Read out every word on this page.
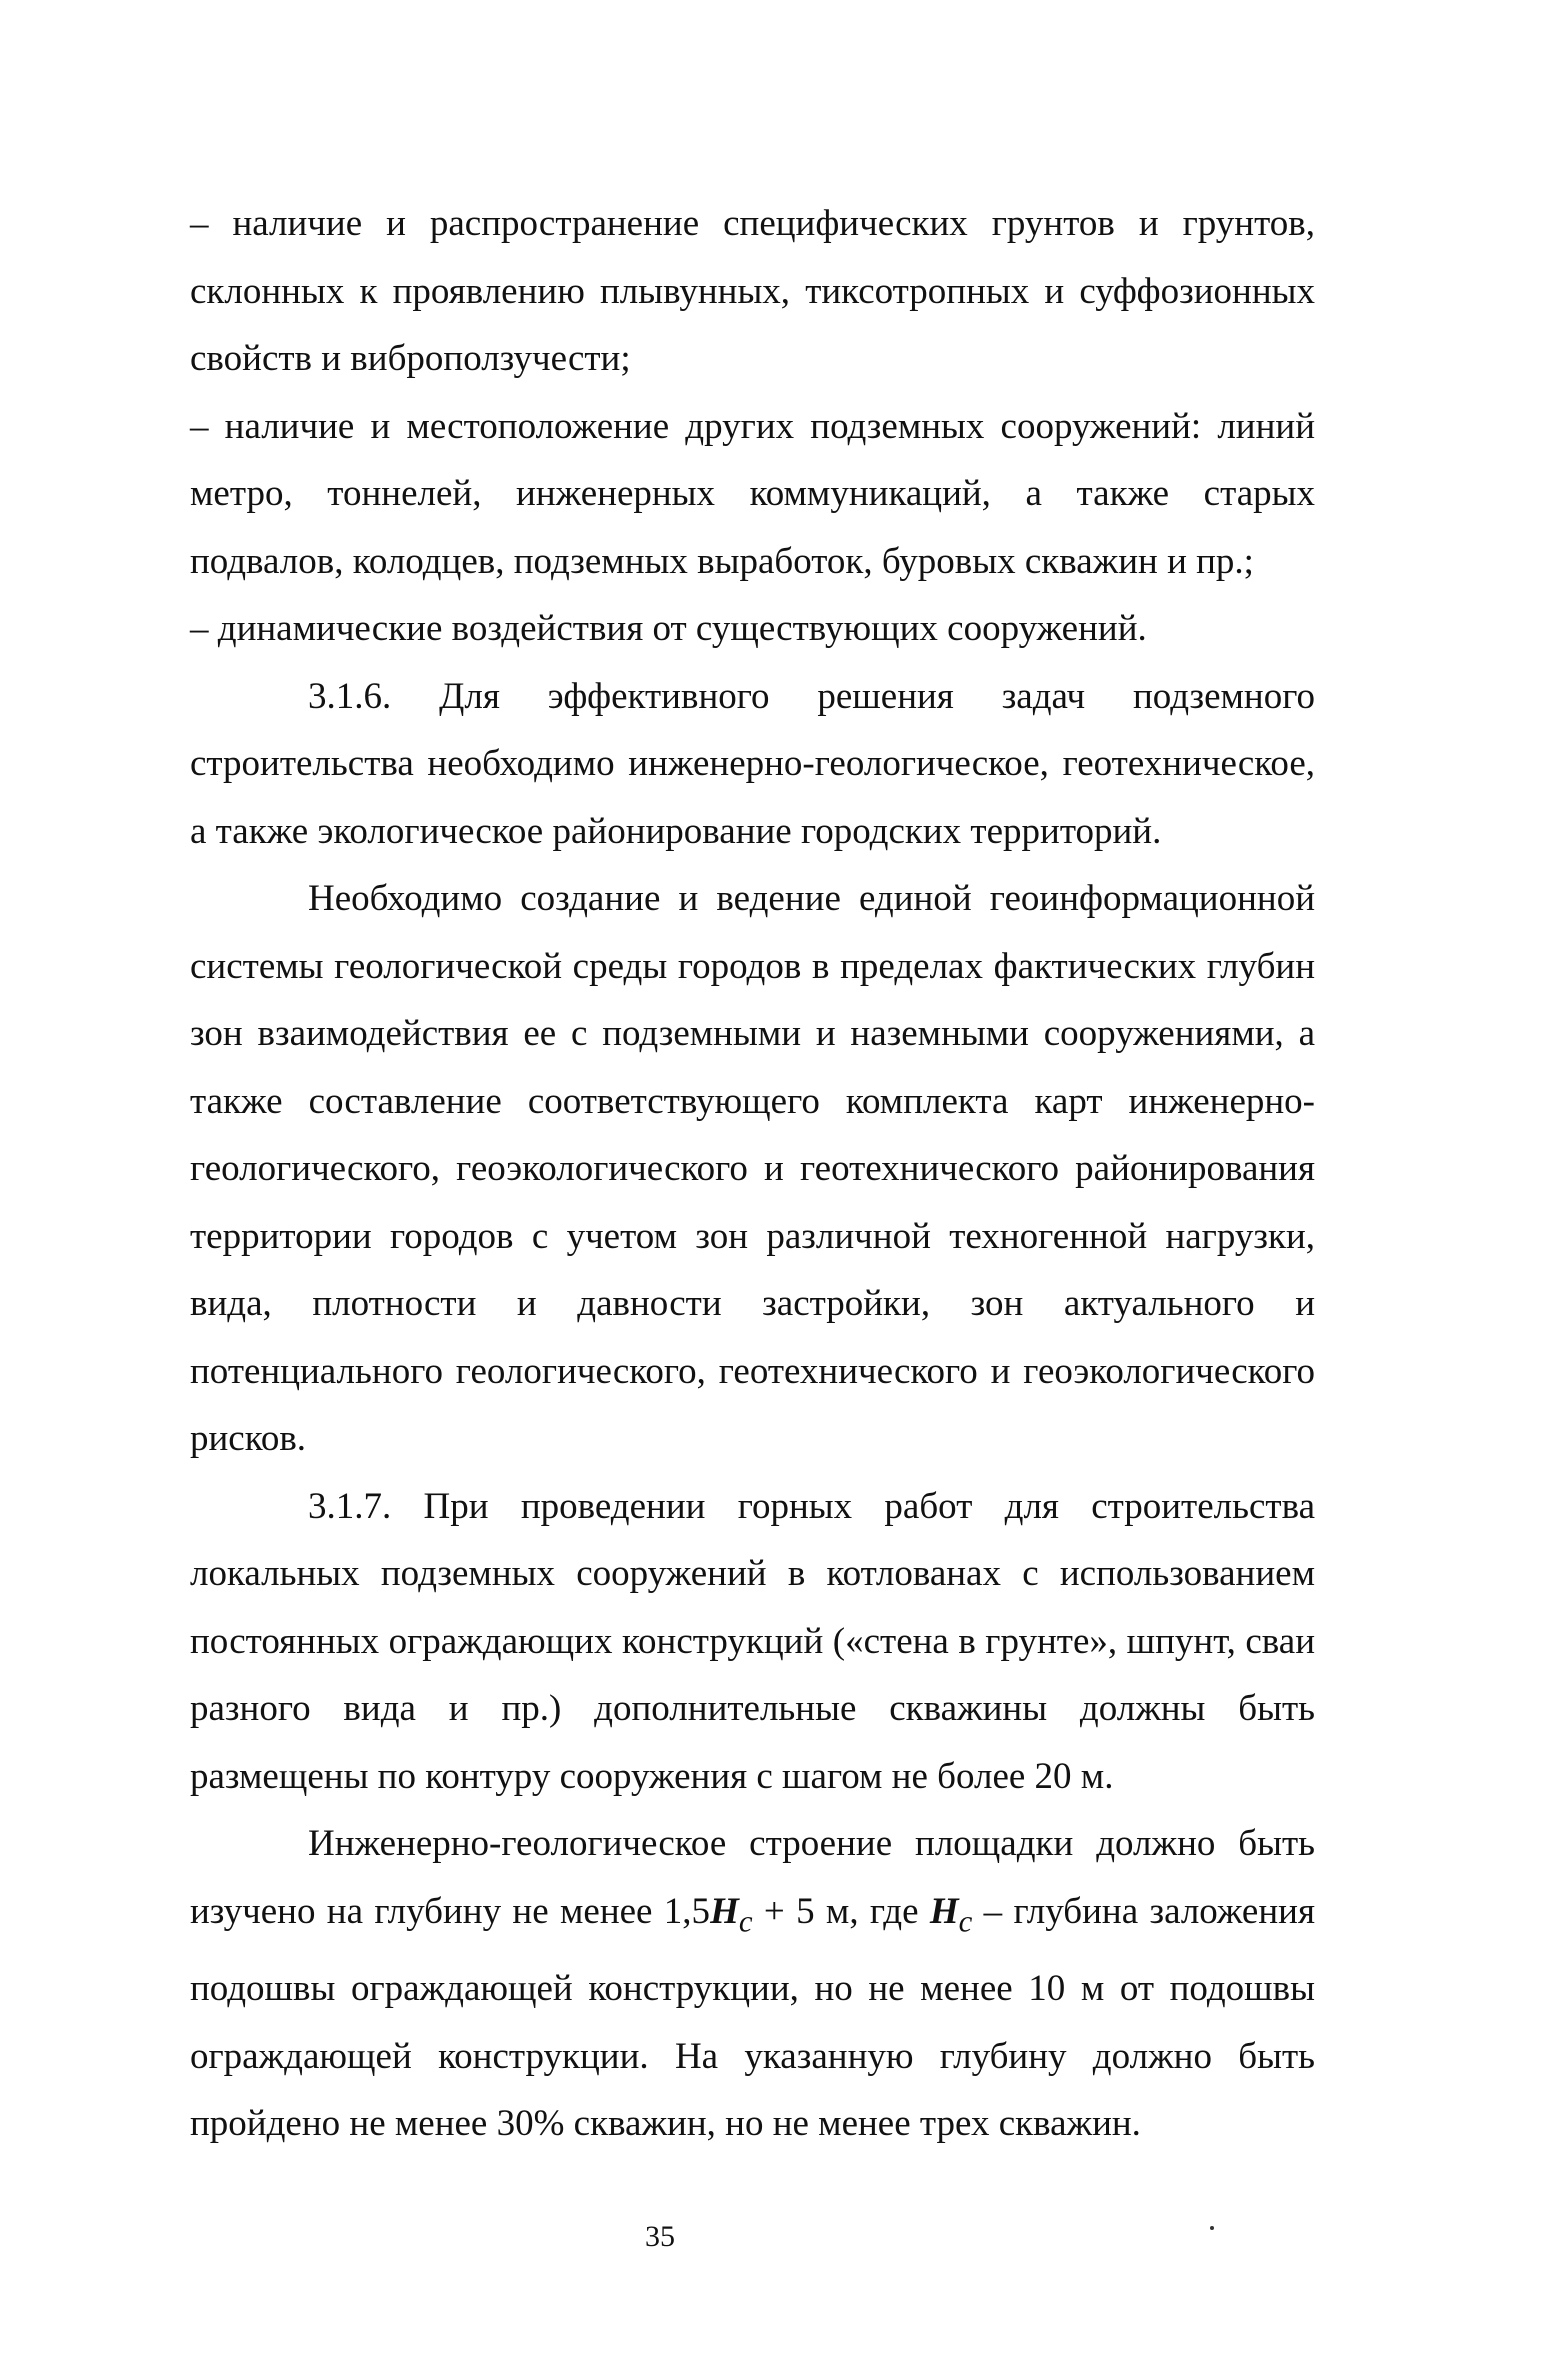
– наличие и распространение специфических грунтов и грунтов, склонных к проявлению плывунных, тиксотропных и суффозионных свойств и виброползучести;

– наличие и местоположение других подземных сооружений: линий метро, тоннелей, инженерных коммуникаций, а также старых подвалов, колодцев, подземных выработок, буровых скважин и пр.;

– динамические воздействия от существующих сооружений.

3.1.6. Для эффективного решения задач подземного строительства необходимо инженерно-геологическое, геотехническое, а также экологическое районирование городских территорий.

Необходимо создание и ведение единой геоинформационной системы геологической среды городов в пределах фактических глубин зон взаимодействия ее с подземными и наземными сооружениями, а также составление соответствующего комплекта карт инженерно-геологического, геоэкологического и геотехнического районирования территории городов с учетом зон различной техногенной нагрузки, вида, плотности и давности застройки, зон актуального и потенциального геологического, геотехнического и геоэкологического рисков.

3.1.7. При проведении горных работ для строительства локальных подземных сооружений в котлованах с использованием постоянных ограждающих конструкций («стена в грунте», шпунт, сваи разного вида и пр.) дополнительные скважины должны быть размещены по контуру сооружения с шагом не более 20 м.

Инженерно-геологическое строение площадки должно быть изучено на глубину не менее $1,5H_c + 5$ м, где $H_c$ – глубина заложения подошвы ограждающей конструкции, но не менее 10 м от подошвы ограждающей конструкции. На указанную глубину должно быть пройдено не менее 30% скважин, но не менее трех скважин.

35
